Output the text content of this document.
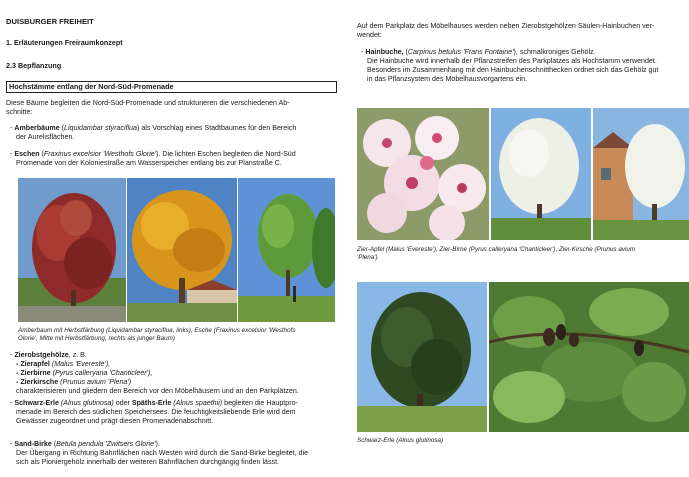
DUISBURGER FREIHEIT
1. Erläuterungen Freiraumkonzept
2.3 Bepflanzung
Hochstämme entlang der Nord-Süd-Promenade
Diese Bäume begleiten die Nord-Süd-Promenade und strukturieren die verschiedenen Ab-
schnitte:
- Amberbäume (Liquidambar styraciflua) als Vorschlag eines Stadtbaumes für den Bereich
der Aurelisflächen.
- Eschen (Fraxinus excelsior 'Westhofs Glorie'). Die lichten Eschen begleiten die Nord-Süd
Promenade von der Koloniestraße am Wasserspeicher entlang bis zur Planstraße C.
Amberbaum mit Herbstfärbung (Liquidambar styraciflua, links), Esche (Fraxinus excelsior 'Westhofs
Glorie', Mitte mit Herbstfärbung, rechts als junger Baum)
- Zierobstgehölze, z. B.
- Zierapfel (Malus 'Evereste'),
- Zierbirne (Pyrus calleryana 'Chanticleer'),
- Zierkirsche (Prunus avium 'Plena')
charakterisieren und gliedern den Bereich vor den Möbelhäusern und an den Parkplätzen.
- Schwarz-Erle (Alnus glutinosa) oder Späths-Erle (Alnus spaethii) begleiten die Hauptpro-
menade im Bereich des südlichen Speichersees. Die feuchtigkeitsliebende Erle wird dem
Gewässer zugeordnet und prägt diesen Promenadenabschnitt.
- Sand-Birke (Betula pendula 'Zwitsers Glorie').
Der Übergang in Richtung Bahnflächen nach Westen wird durch die Sand-Birke begleitet, die
sich als Pioniergehölz innerhalb der weiteren Bahnflächen durchgängig finden lässt.
Auf dem Parkplatz des Möbelhauses werden neben Zierobstgehölzen Säulen-Hainbuchen ver-
wendet:
- Hainbuche, (Carpinus betulus 'Frans Fontaine'), schmalkroniges Gehölz.
Die Hainbuche wird innerhalb der Pflanzstreifen des Parkplatzes als Hochstamm verwendet.
Besonders im Zusammenhang mit den Hainbuchenschnitthecken ordnet sich das Gehölz gut
in das Pflanzsystem des Möbelhausvorgartens ein.
Zier-Apfel (Malus 'Evereste'), Zier-Birne (Pyrus calleryana 'Chanticleer'), Zier-Kirsche (Prunus avium
'Plena')
Schwarz-Erle (Alnus glutinosa)
